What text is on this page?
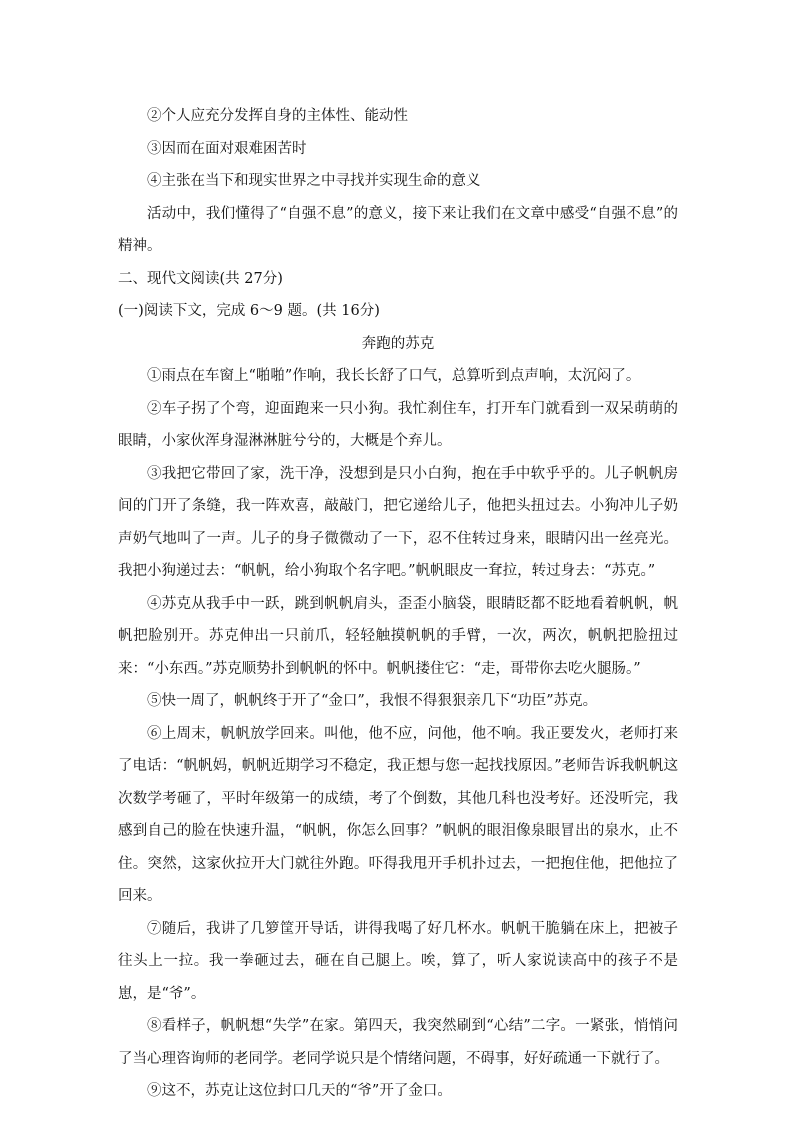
②个人应充分发挥自身的主体性、能动性

③因而在面对艰难困苦时

④主张在当下和现实世界之中寻找并实现生命的意义

活动中，我们懂得了“自强不息”的意义，接下来让我们在文章中感受“自强不息”的精神。

二、现代文阅读(共 27分)

(一)阅读下文，完成 6～9 题。(共 16分)

奔跑的苏克

①雨点在车窗上“啪啪”作响，我长长舒了口气，总算听到点声响，太沉闷了。

②车子拐了个弯，迎面跑来一只小狗。我忙刹住车，打开车门就看到一双呆萌萌的眼睛，小家伙浑身湿淋淋脏兮兮的，大概是个弃儿。

③我把它带回了家，洗干净，没想到是只小白狗，抱在手中软乎乎的。儿子帆帆房间的门开了条缝，我一阵欢喜，敲敲门，把它递给儿子，他把头扭过去。小狗冲儿子奶声奶气地叫了一声。儿子的身子微微动了一下，忍不住转过身来，眼睛闪出一丝亮光。我把小狗递过去：“帆帆，给小狗取个名字吧。”帆帆眼皮一耷拉，转过身去：“苏克。”

④苏克从我手中一跃，跳到帆帆肩头，歪歪小脑袋，眼睛眨都不眨地看着帆帆，帆帆把脸别开。苏克伸出一只前爪，轻轻触摸帆帆的手臂，一次，两次，帆帆把脸扭过来：“小东西。”苏克顺势扑到帆帆的怀中。帆帆搂住它：“走，哥带你去吃火腿肠。”

⑤快一周了，帆帆终于开了“金口”，我恨不得狠狠亲几下“功臣”苏克。

⑥上周末，帆帆放学回来。叫他，他不应，问他，他不响。我正要发火，老师打来了电话：“帆帆妈，帆帆近期学习不稳定，我正想与您一起找找原因。”老师告诉我帆帆这次数学考砸了，平时年级第一的成绩，考了个倒数，其他几科也没考好。还没听完，我感到自己的脸在快速升温，“帆帆，你怎么回事？”帆帆的眼泪像泉眼冒出的泉水，止不住。突然，这家伙拉开大门就往外跑。吓得我甩开手机扑过去，一把抱住他，把他拉了回来。

⑦随后，我讲了几箩筐开导话，讲得我喝了好几杯水。帆帆干脆躺在床上，把被子往头上一拉。我一拳砸过去，砸在自己腿上。唉，算了，听人家说读高中的孩子不是崽，是“爷”。

⑧看样子，帆帆想“失学”在家。第四天，我突然刷到“心结”二字。一紧张，悄悄问了当心理咨询师的老同学。老同学说只是个情绪问题，不碍事，好好疏通一下就行了。

⑨这不，苏克让这位封口几天的“爷”开了金口。
